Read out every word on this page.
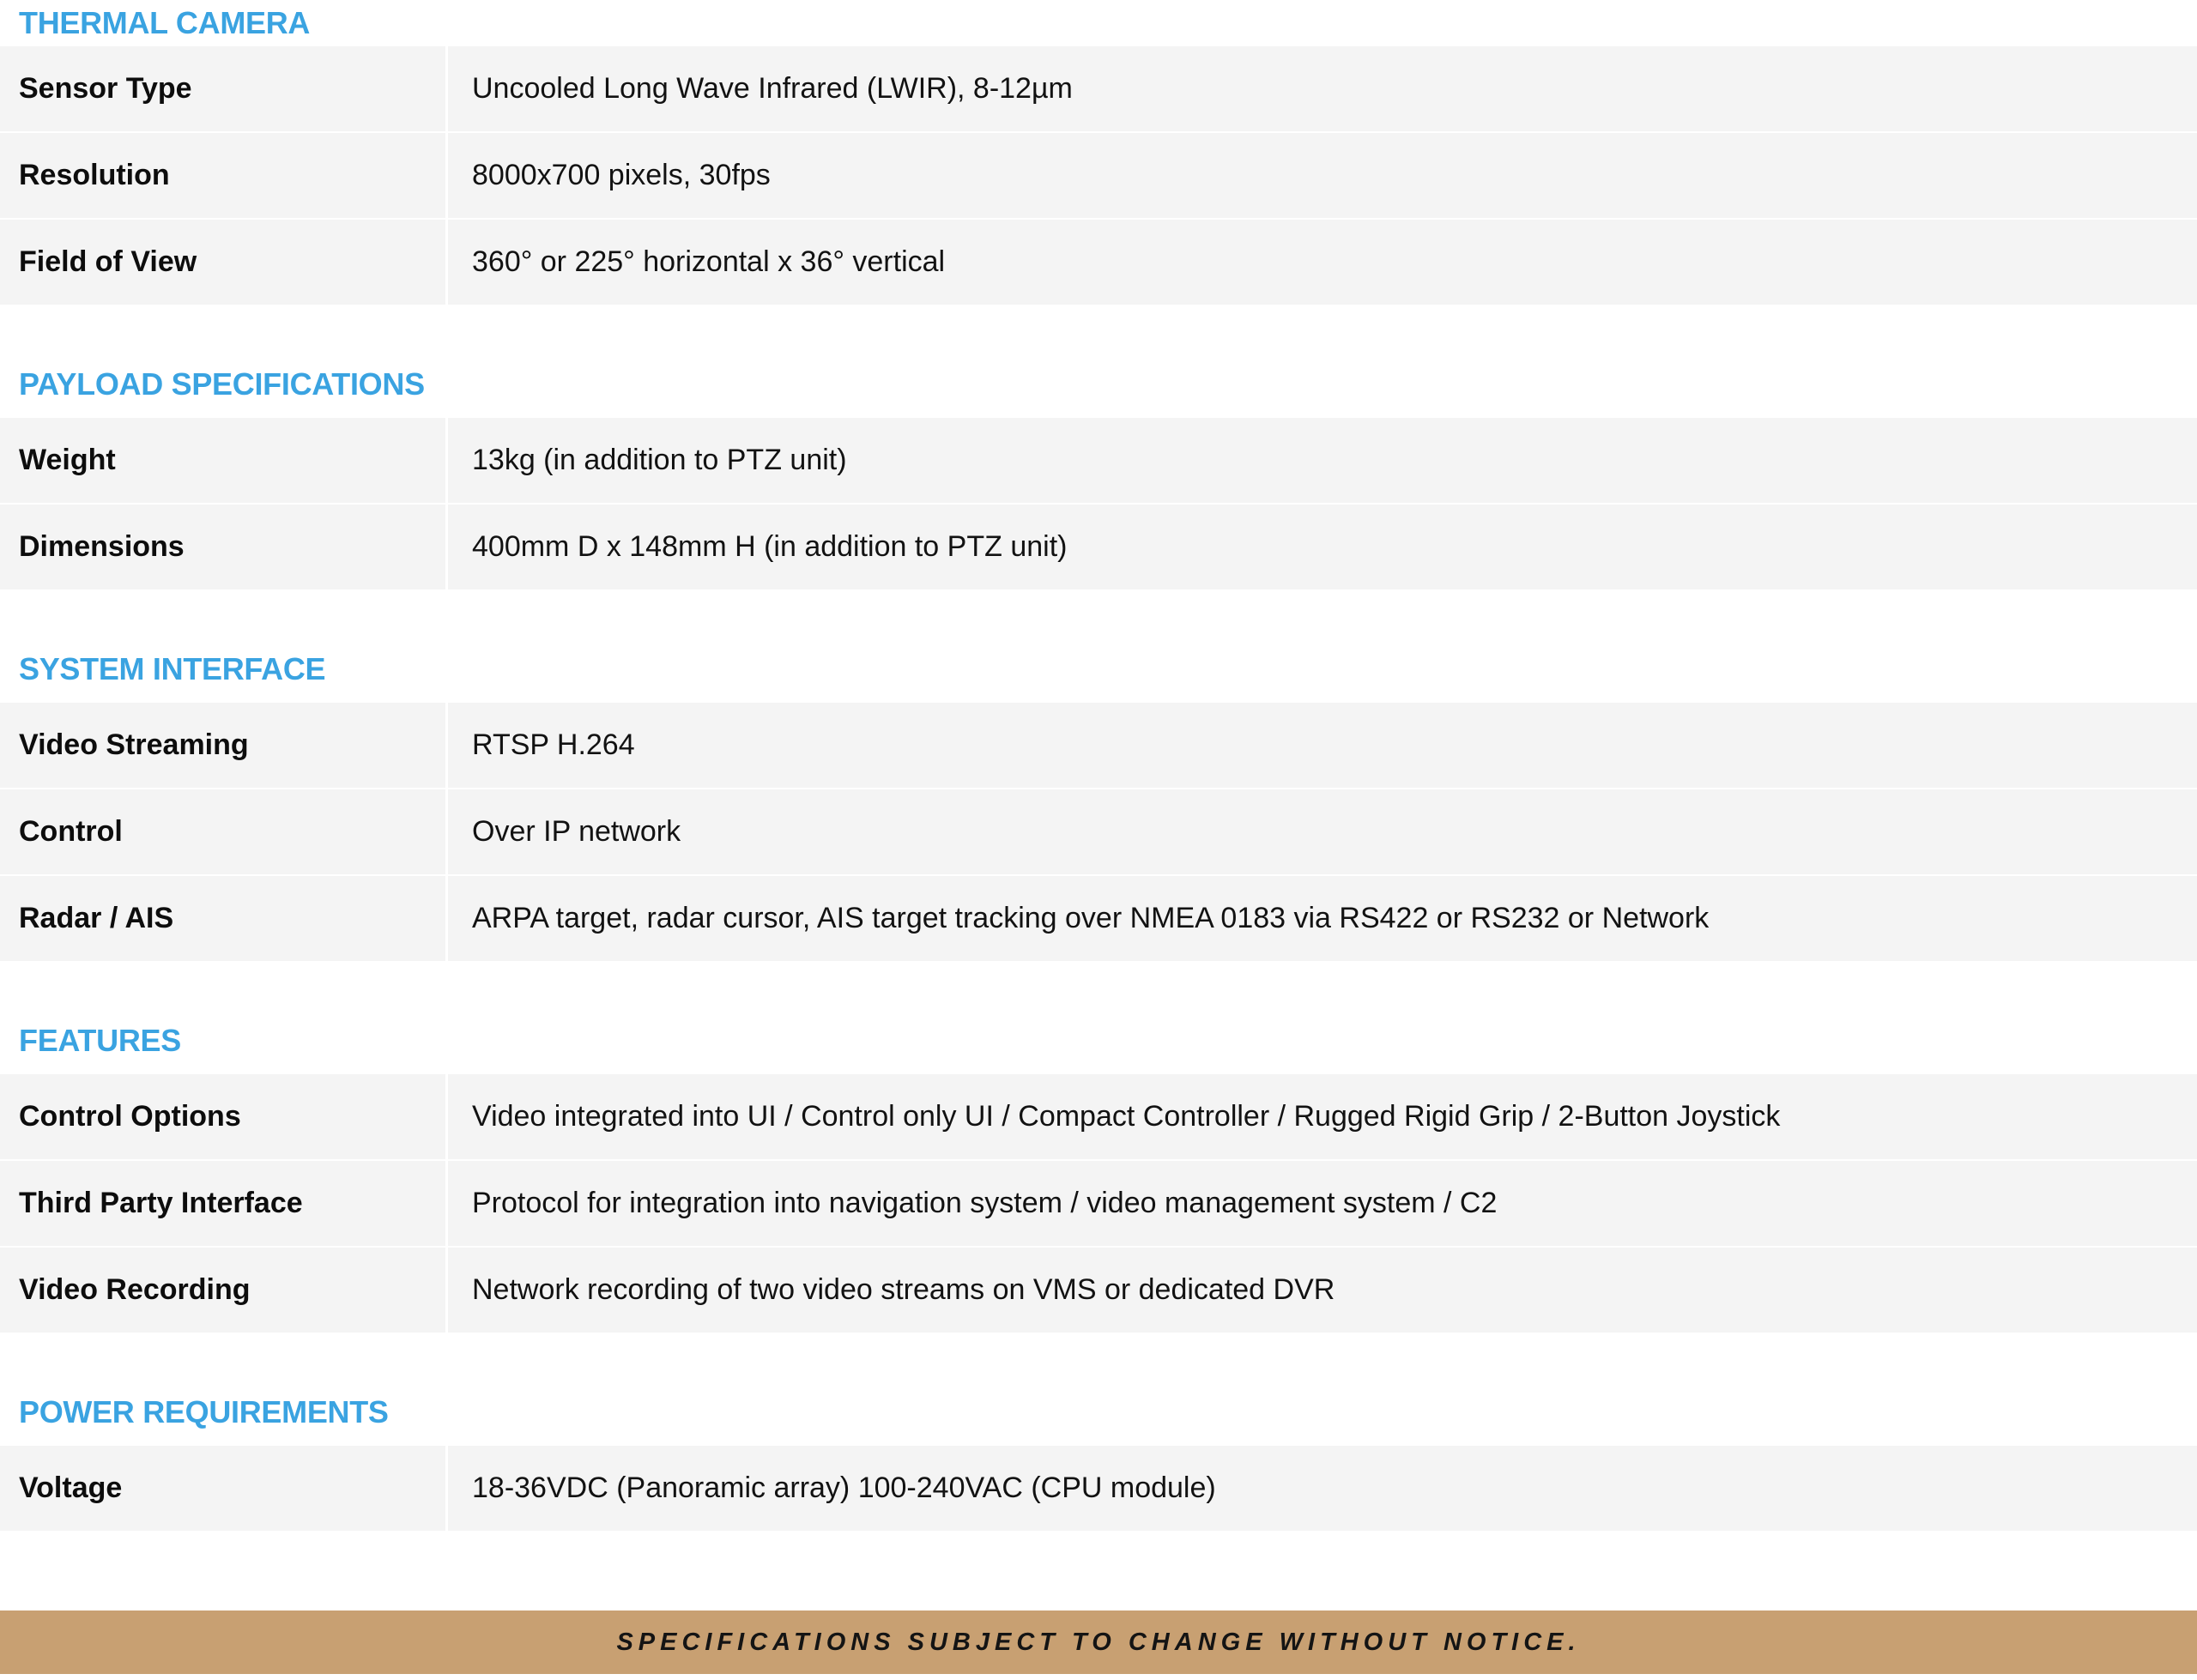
THERMAL CAMERA
Sensor Type	Uncooled Long Wave Infrared (LWIR), 8-12µm
Resolution	8000x700 pixels, 30fps
Field of View	360° or 225° horizontal x 36° vertical
PAYLOAD SPECIFICATIONS
Weight	13kg (in addition to PTZ unit)
Dimensions	400mm D x 148mm H (in addition to PTZ unit)
SYSTEM INTERFACE
Video Streaming	RTSP H.264
Control	Over IP network
Radar / AIS	ARPA target, radar cursor, AIS target tracking over NMEA 0183 via RS422 or RS232 or Network
FEATURES
Control Options	Video integrated into UI / Control only UI / Compact Controller / Rugged Rigid Grip / 2-Button Joystick
Third Party Interface	Protocol for integration into navigation system / video management system / C2
Video Recording	Network recording of two video streams on VMS or dedicated DVR
POWER REQUIREMENTS
Voltage	18-36VDC (Panoramic array) 100-240VAC (CPU module)
SPECIFICATIONS SUBJECT TO CHANGE WITHOUT NOTICE.
